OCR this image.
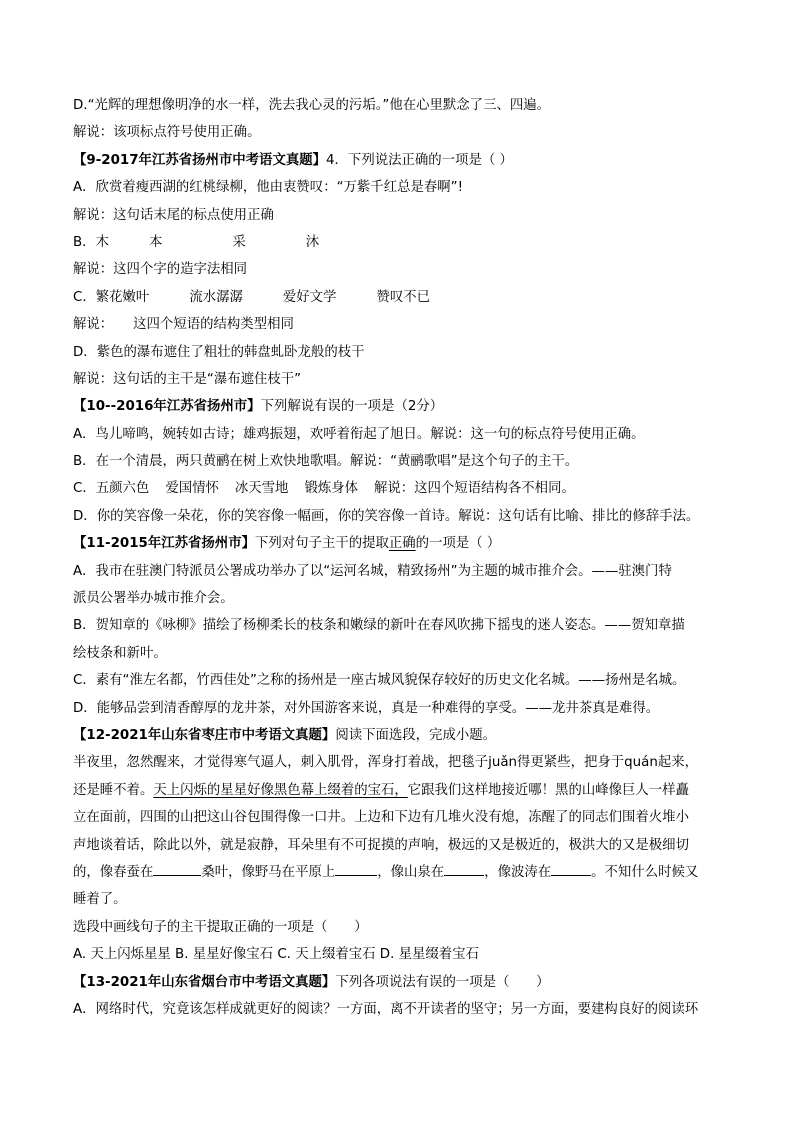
D.“光辉的理想像明净的水一样，洗去我心灵的污垢。”他在心里默念了三、四遍。
解说：该项标点符号使用正确。
【9-2017年江苏省扬州市中考语文真题】4．下列说法正确的一项是（ ）
A．欣赏着瘦西湖的红桃绿柳，他由衷赞叹：“万紫千红总是春啊”!
解说：这句话末尾的标点使用正确
B．木	本	采	沐
解说：这四个字的造字法相同
C．繁花嫩叶	流水潺潺	爱好文学	赞叹不已
解说： 这四个短语的结构类型相同
D．紫色的瀑布遮住了粗壮的韩盘虬卧龙般的枝干
解说：这句话的主干是“瀑布遮住枝干”
【10--2016年江苏省扬州市】下列解说有误的一项是（2分）
A．鸟儿啼鸣，婉转如古诗；雄鸡振翅，欢呼着衔起了旭日。解说：这一句的标点符号使用正确。
B．在一个清晨，两只黄鹂在树上欢快地歌唱。解说：“黄鹂歌唱”是这个句子的主干。
C．五颜六色 爱国情怀 冰天雪地 锻炼身体 解说：这四个短语结构各不相同。
D．你的笑容像一朵花，你的笑容像一幅画，你的笑容像一首诗。解说：这句话有比喻、排比的修辞手法。
【11-2015年江苏省扬州市】下列对句子主干的提取正确的一项是（ ）
A．我市在驻澳门特派员公署成功举办了以“运河名城，精致扬州”为主题的城市推介会。——驻澳门特
派员公署举办城市推介会。
B．贺知章的《咏柳》描绘了杨柳柔长的枝条和嫩绿的新叶在春风吹拂下摇曳的迷人姿态。——贺知章描
绘枝条和新叶。
C．素有“淮左名都，竹西佳处”之称的扬州是一座古城风貌保存较好的历史文化名城。——扬州是名城。
D．能够品尝到清香醇厚的龙井茶，对外国游客来说，真是一种难得的享受。——龙井茶真是难得。
【12-2021年山东省枣庄市中考语文真题】阅读下面选段，完成小题。
半夜里，忽然醒来，才觉得寒气逼人，刺入肌骨，浑身打着战，把毯子juǎn得更紧些，把身于quán起来，
还是睡不着。天上闪烁的星星好像黑色幕上缀着的宝石，它跟我们这样地接近哪！黑的山峰像巨人一样矗
立在面前，四围的山把这山谷包围得像一口井。上边和下边有几堆火没有熄，冻醒了的同志们围着火堆小
声地谈着话，除此以外，就是寂静，耳朵里有不可捉摸的声响，极远的又是极近的，极洪大的又是极细切
的，像春蚕在	桑叶，像野马在平原上	，像山泉在	，像波涛在	。不知什么时候又
睡着了。
选段中画线句子的主干提取正确的一项是（　　）
A. 天上闪烁星星 B. 星星好像宝石 C. 天上缀着宝石 D. 星星缀着宝石
【13-2021年山东省烟台市中考语文真题】下列各项说法有误的一项是（　　）
A．网络时代，究竟该怎样成就更好的阅读？一方面，离不开读者的坚守；另一方面，要建构良好的阅读环
